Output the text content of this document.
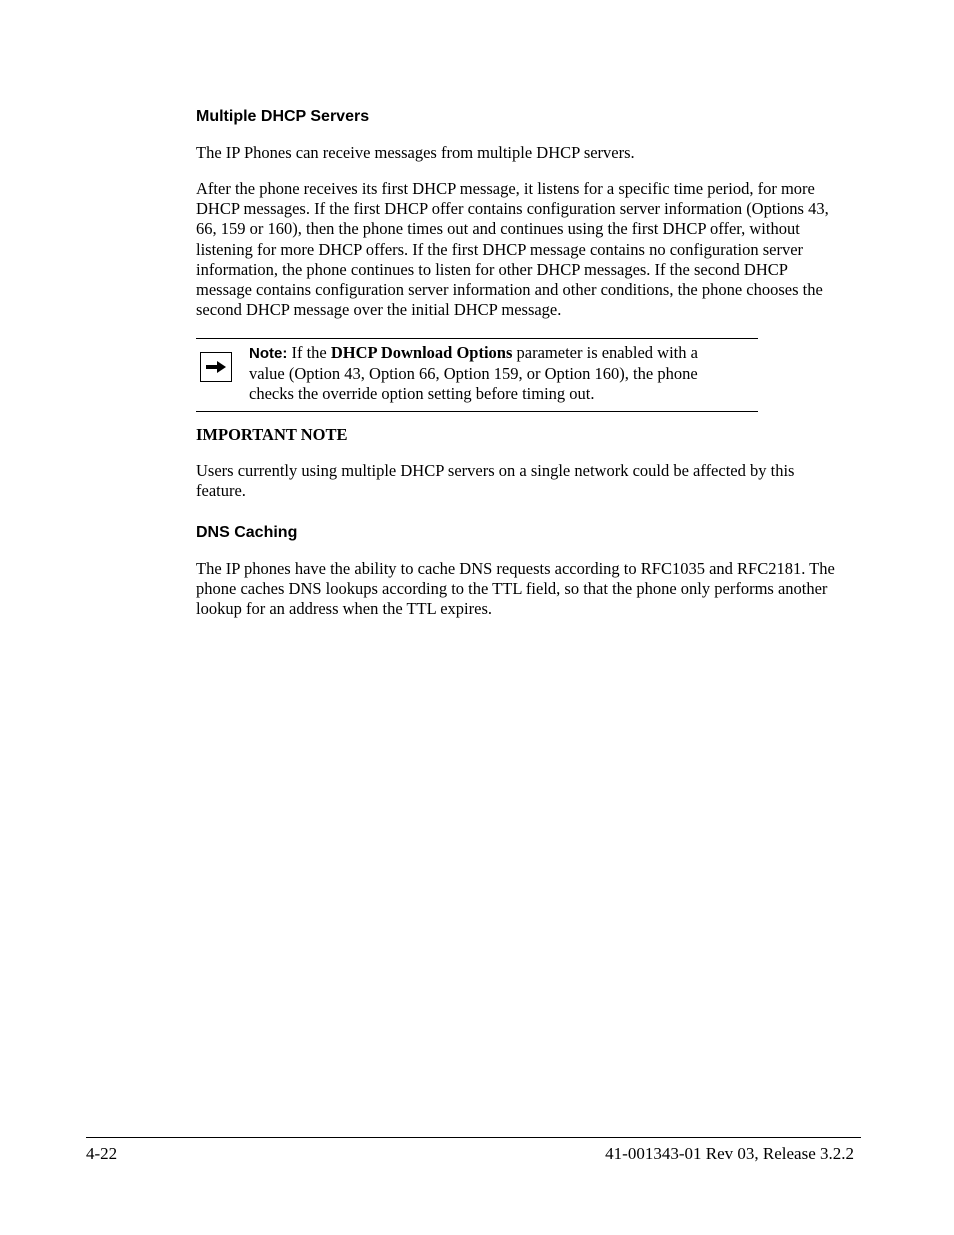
Multiple DHCP Servers

The IP Phones can receive messages from multiple DHCP servers.

After the phone receives its first DHCP message, it listens for a specific time period, for more
DHCP messages. If the first DHCP offer contains configuration server information (Options 43,
66, 159 or 160), then the phone times out and continues using the first DHCP offer, without
listening for more DHCP offers. If the first DHCP message contains no configuration server
information, the phone continues to listen for other DHCP messages. If the second DHCP
message contains configuration server information and other conditions, the phone chooses the
second DHCP message over the initial DHCP message.

Note: If the DHCP Download Options parameter is enabled with a
value (Option 43, Option 66, Option 159, or Option 160), the phone
checks the override option setting before timing out.

IMPORTANT NOTE

Users currently using multiple DHCP servers on a single network could be affected by this
feature.

DNS Caching

The IP phones have the ability to cache DNS requests according to RFC1035 and RFC2181. The
phone caches DNS lookups according to the TTL field, so that the phone only performs another
lookup for an address when the TTL expires.

4-22	41-001343-01 Rev 03, Release 3.2.2
